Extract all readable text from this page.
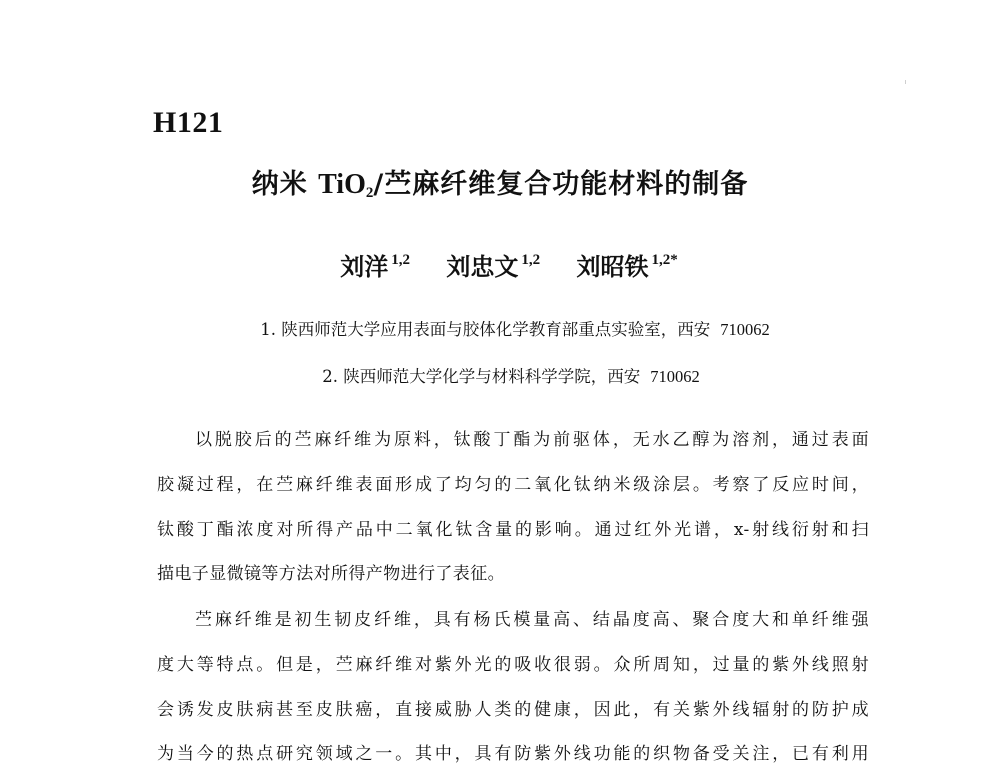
H121
纳米 TiO$_2$/苎麻纤维复合功能材料的制备
刘洋 $^{1,2}$ 刘忠文 $^{1,2}$ 刘昭铁 $^{1,2*}$
1. 陕西师范大学应用表面与胶体化学教育部重点实验室，西安 710062
2. 陕西师范大学化学与材料科学学院，西安 710062
以脱胶后的苎麻纤维为原料，钛酸丁酯为前驱体，无水乙醇为溶剂，通过表面
胶凝过程，在苎麻纤维表面形成了均匀的二氧化钛纳米级涂层。考察了反应时间，
钛酸丁酯浓度对所得产品中二氧化钛含量的影响。通过红外光谱，x-射线衍射和扫
描电子显微镜等方法对所得产物进行了表征。
苎麻纤维是初生韧皮纤维，具有杨氏模量高、结晶度高、聚合度大和单纤维强
度大等特点。但是，苎麻纤维对紫外光的吸收很弱。众所周知，过量的紫外线照射
会诱发皮肤病甚至皮肤癌，直接威胁人类的健康，因此，有关紫外线辐射的防护成
为当今的热点研究领域之一。其中，具有防紫外线功能的织物备受关注，已有利用
